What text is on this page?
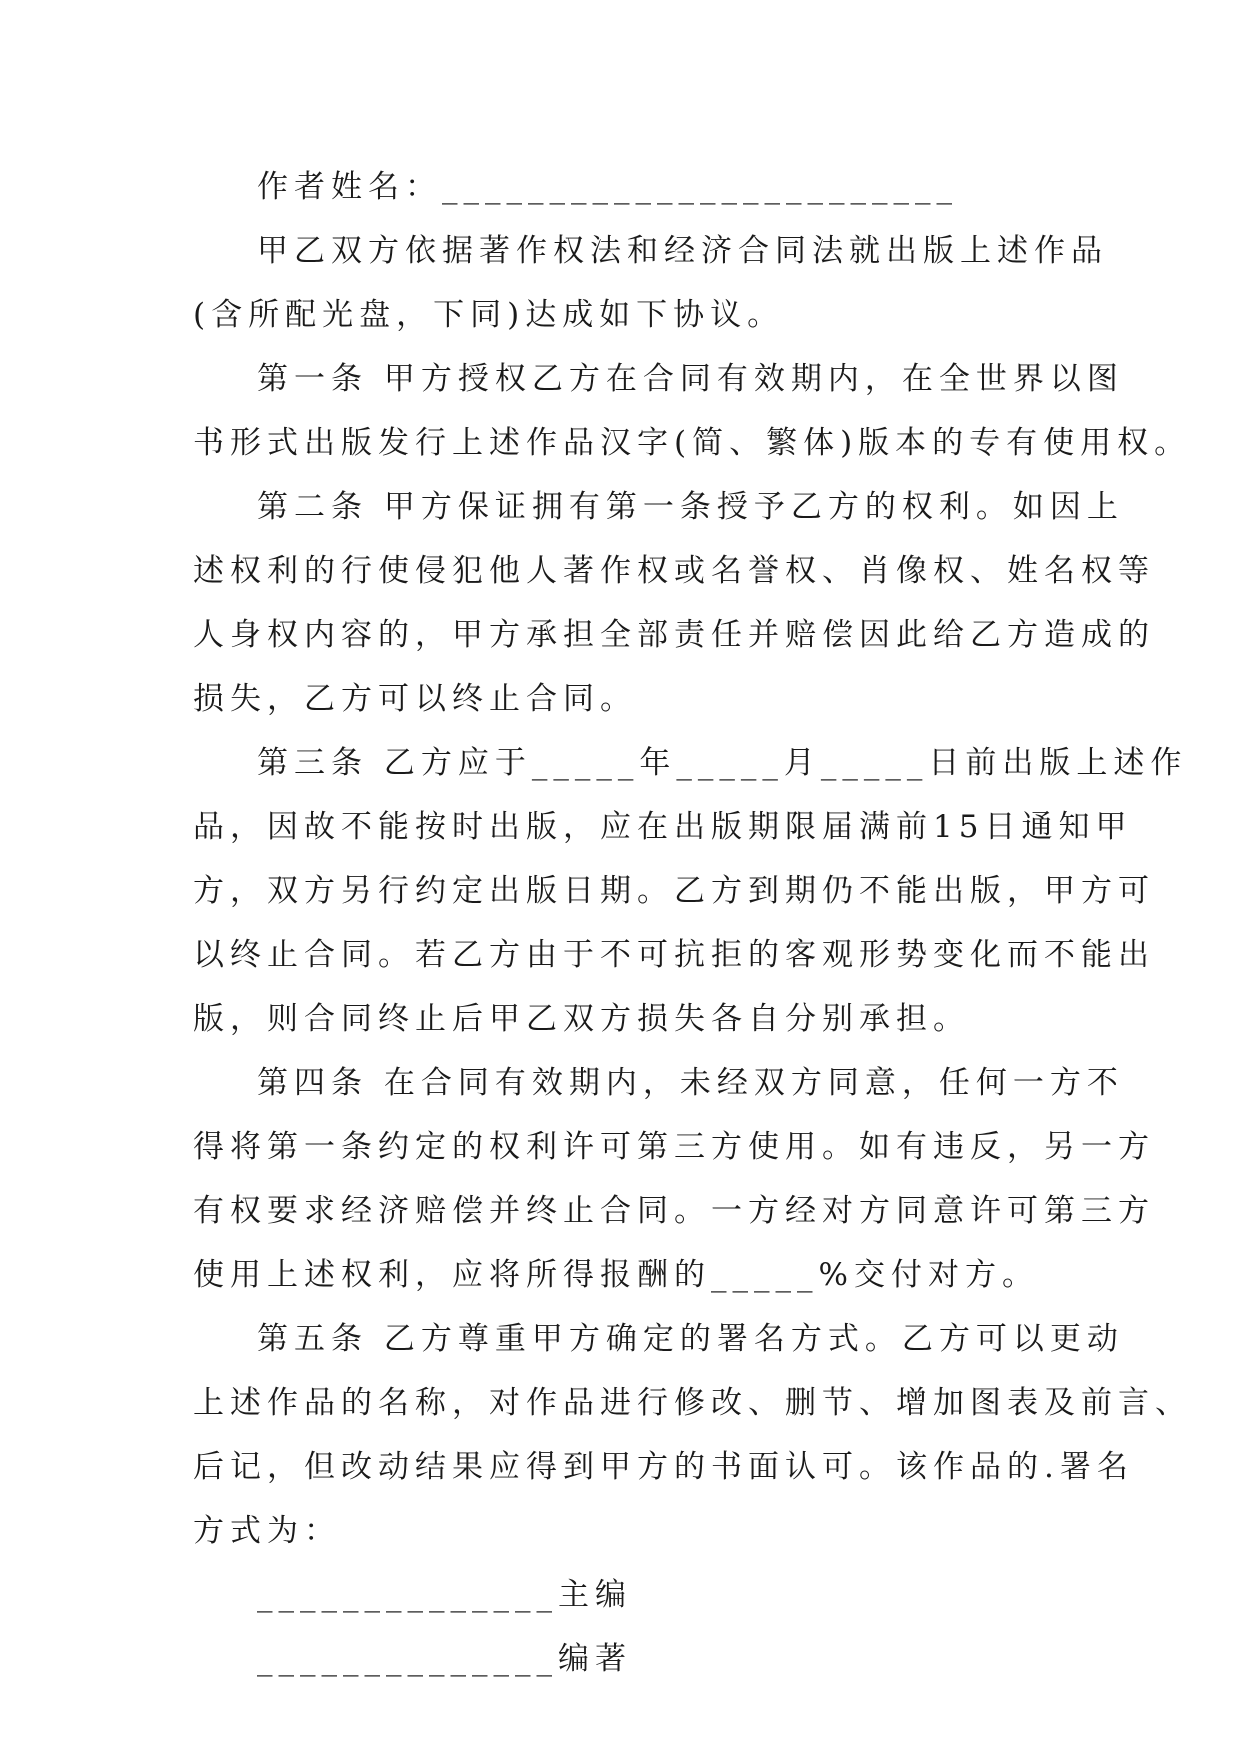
作者姓名：________________________
甲乙双方依据著作权法和经济合同法就出版上述作品
(含所配光盘，下同)达成如下协议。
第一条 甲方授权乙方在合同有效期内，在全世界以图
书形式出版发行上述作品汉字(简、繁体)版本的专有使用权。
第二条 甲方保证拥有第一条授予乙方的权利。如因上
述权利的行使侵犯他人著作权或名誉权、肖像权、姓名权等
人身权内容的，甲方承担全部责任并赔偿因此给乙方造成的
损失，乙方可以终止合同。
第三条 乙方应于_____年_____月_____日前出版上述作
品，因故不能按时出版，应在出版期限届满前15日通知甲
方，双方另行约定出版日期。乙方到期仍不能出版，甲方可
以终止合同。若乙方由于不可抗拒的客观形势变化而不能出
版，则合同终止后甲乙双方损失各自分别承担。
第四条 在合同有效期内，未经双方同意，任何一方不
得将第一条约定的权利许可第三方使用。如有违反，另一方
有权要求经济赔偿并终止合同。一方经对方同意许可第三方
使用上述权利，应将所得报酬的_____%交付对方。
第五条 乙方尊重甲方确定的署名方式。乙方可以更动
上述作品的名称，对作品进行修改、删节、增加图表及前言、
后记，但改动结果应得到甲方的书面认可。该作品的.署名
方式为：
______________主编
______________编著
